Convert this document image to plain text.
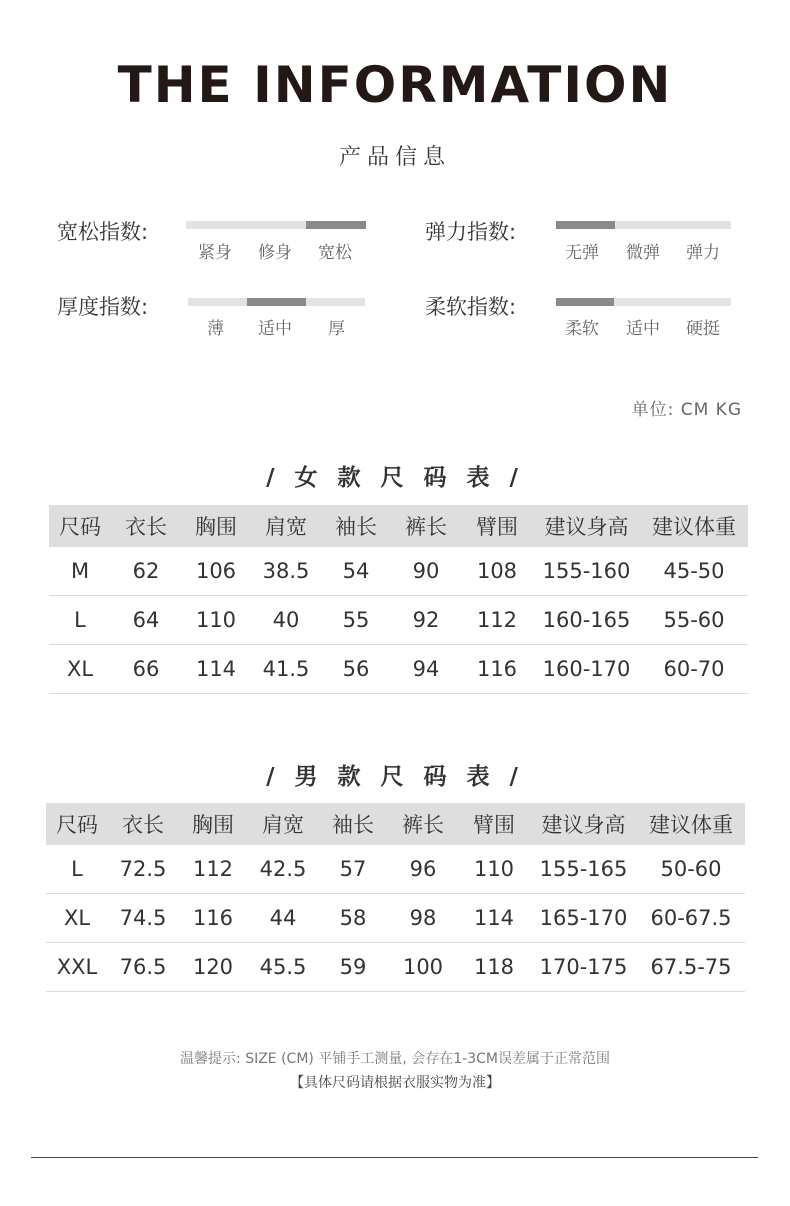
THE INFORMATION
产品信息
宽松指数:
紧身 修身 宽松
弹力指数:
无弹 微弹 弹力
厚度指数:
薄 适中 厚
柔软指数:
柔软 适中 硬挺
单位: CM KG
/ 女 款 尺 码 表 /
尺码	衣长	胸围	肩宽	袖长	裤长	臂围	建议身高	建议体重
M	62	106	38.5	54	90	108	155-160	45-50
L	64	110	40	55	92	112	160-165	55-60
XL	66	114	41.5	56	94	116	160-170	60-70
/ 男 款 尺 码 表 /
尺码	衣长	胸围	肩宽	袖长	裤长	臂围	建议身高	建议体重
L	72.5	112	42.5	57	96	110	155-165	50-60
XL	74.5	116	44	58	98	114	165-170	60-67.5
XXL	76.5	120	45.5	59	100	118	170-175	67.5-75
温馨提示: SIZE (CM) 平铺手工测量, 会存在1-3CM误差属于正常范围
【具体尺码请根据衣服实物为准】
